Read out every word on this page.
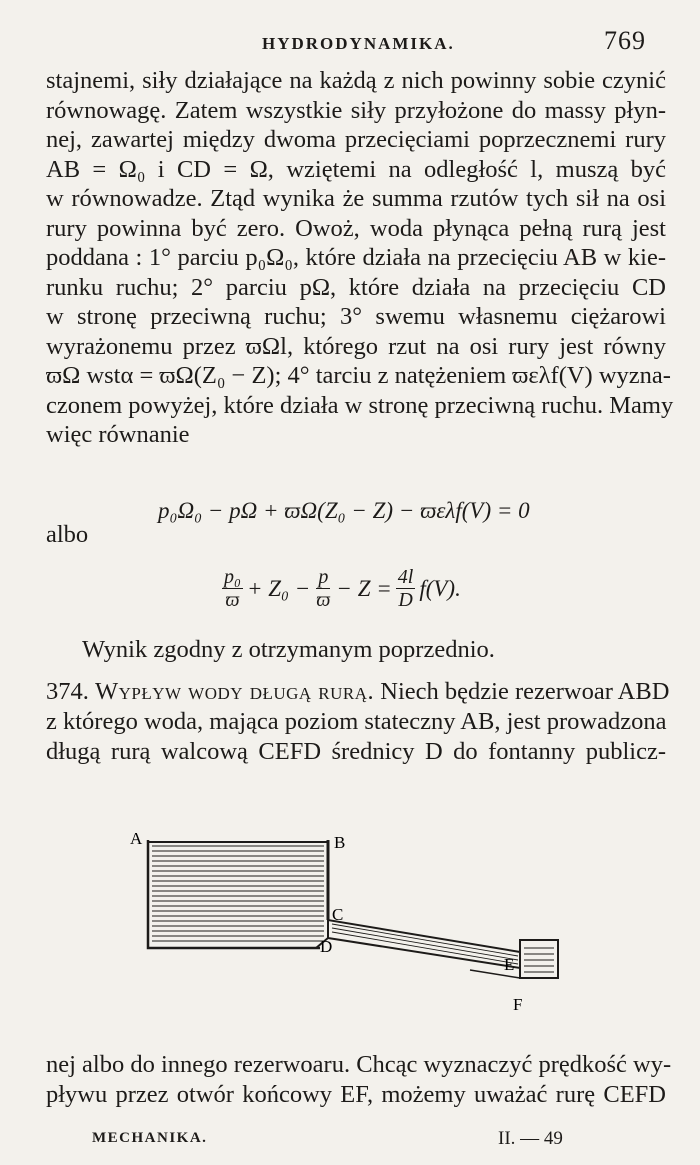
HYDRODYNAMIKA.	769
stajnemi, siły działające na każdą z nich powinny sobie czynić
równowagę. Zatem wszystkie siły przyłożone do massy płyn-
nej, zawartej między dwoma przecięciami poprzecznemi rury
AB = Ω₀ i CD = Ω, wziętemi na odległość l, muszą być
w równowadze. Ztąd wynika że summa rzutów tych sił na osi
rury powinna być zero. Owoż, woda płynąca pełną rurą jest
poddana : 1° parciu p₀Ω₀, które działa na przecięciu AB w kie-
runku ruchu; 2° parciu pΩ, które działa na przecięciu CD
w stronę przeciwną ruchu; 3° swemu własnemu ciężarowi
wyrażonemu przez ϖΩl, którego rzut na osi rury jest równy
ϖΩ wstα = ϖΩ(Z₀ − Z); 4° tarciu z natężeniem ϖελf(V) wyzna-
czonem powyżej, które działa w stronę przeciwną ruchu. Mamy
więc równanie
p₀Ω₀ − pΩ + ϖΩ(Z₀ − Z) − ϖελf(V) = 0
albo
$\frac{\text{p₀}}{ϖ} + Z_0 - \frac{p}{ϖ} - Z = \frac{4l}{D} f(V)$.
Wynik zgodny z otrzymanym poprzednio.
374. Wypływ wody długą rurą. Niech będzie rezerwoar ABD
z którego woda, mająca poziom stateczny AB, jest prowadzona
długą rurą walcową CEFD średnicy D do fontanny publicz-
A	B
C
D
E
F
nej albo do innego rezerwoaru. Chcąc wyznaczyć prędkość wy-
pływu przez otwór końcowy EF, możemy uważać rurę CEFD
MECHANIKA.	II. — 49
